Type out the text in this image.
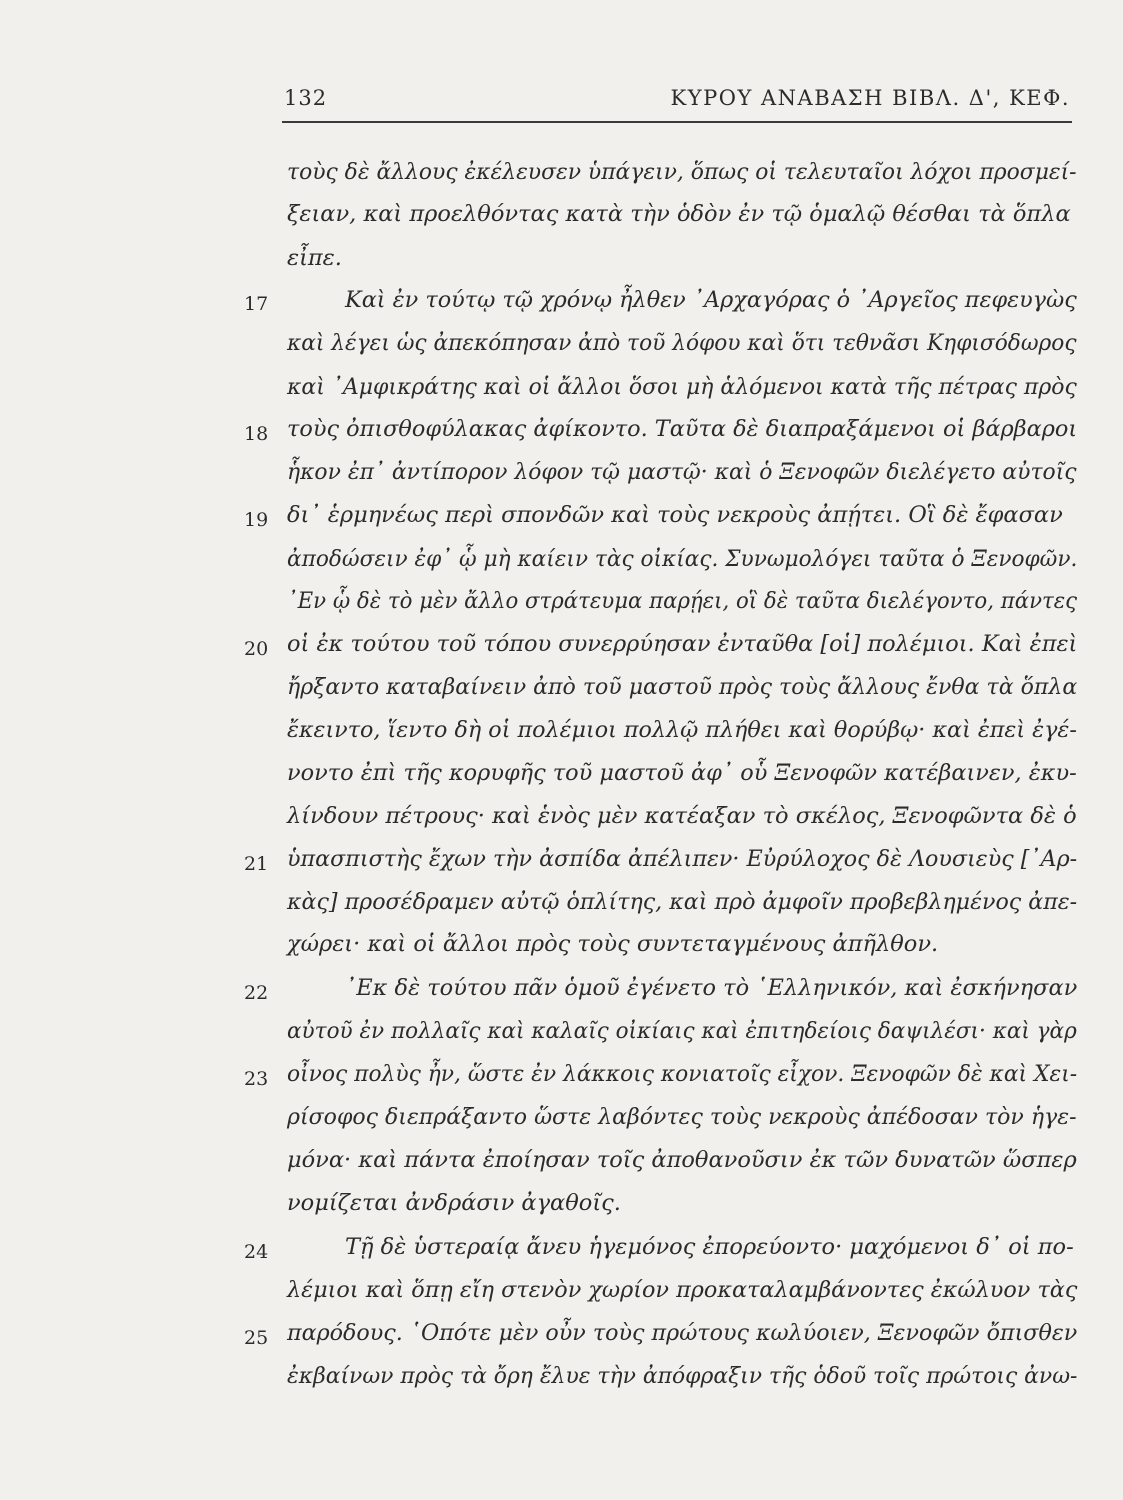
132	ΚΥΡΟΥ ΑΝΑΒΑΣΗ ΒΙΒΛ. Δ', ΚΕΦ.
τοὺς δὲ ἄλλους ἐκέλευσεν ὑπάγειν, ὅπως οἱ τελευταῖοι λόχοι προσμεί-
ξειαν, καὶ προελθόντας κατὰ τὴν ὁδὸν ἐν τῷ ὁμαλῷ θέσθαι τὰ ὅπλα
εἶπε.
17	Καὶ ἐν τούτῳ τῷ χρόνῳ ἦλθεν ᾿Αρχαγόρας ὁ ᾿Αργεῖος πεφευγὼς
καὶ λέγει ὡς ἀπεκόπησαν ἀπὸ τοῦ λόφου καὶ ὅτι τεθνᾶσι Κηφισόδωρος
καὶ ᾿Αμφικράτης καὶ οἱ ἄλλοι ὅσοι μὴ ἁλόμενοι κατὰ τῆς πέτρας πρὸς
18 τοὺς ὀπισθοφύλακας ἀφίκοντο. Ταῦτα δὲ διαπραξάμενοι οἱ βάρβαροι
ἧκον ἐπ᾿ ἀντίπορον λόφον τῷ μαστῷ· καὶ ὁ Ξενοφῶν διελέγετο αὐτοῖς
19 δι᾿ ἑρμηνέως περὶ σπονδῶν καὶ τοὺς νεκροὺς ἀπῄτει. Οἳ δὲ ἔφασαν
ἀποδώσειν ἐφ᾿ ᾧ μὴ καίειν τὰς οἰκίας. Συνωμολόγει ταῦτα ὁ Ξενοφῶν.
᾿Εν ᾧ δὲ τὸ μὲν ἄλλο στράτευμα παρῄει, οἳ δὲ ταῦτα διελέγοντο, πάντες
20 οἱ ἐκ τούτου τοῦ τόπου συνερρύησαν ἐνταῦθα [οἱ] πολέμιοι. Καὶ ἐπεὶ
ἤρξαντο καταβαίνειν ἀπὸ τοῦ μαστοῦ πρὸς τοὺς ἄλλους ἔνθα τὰ ὅπλα
ἔκειντο, ἵεντο δὴ οἱ πολέμιοι πολλῷ πλήθει καὶ θορύβῳ· καὶ ἐπεὶ ἐγέ-
νοντο ἐπὶ τῆς κορυφῆς τοῦ μαστοῦ ἀφ᾿ οὗ Ξενοφῶν κατέβαινεν, ἐκυ-
λίνδουν πέτρους· καὶ ἑνὸς μὲν κατέαξαν τὸ σκέλος, Ξενοφῶντα δὲ ὁ
21 ὑπασπιστὴς ἔχων τὴν ἀσπίδα ἀπέλιπεν· Εὐρύλοχος δὲ Λουσιεὺς [᾿Αρ-
κὰς] προσέδραμεν αὐτῷ ὁπλίτης, καὶ πρὸ ἀμφοῖν προβεβλημένος ἀπε-
χώρει· καὶ οἱ ἄλλοι πρὸς τοὺς συντεταγμένους ἀπῆλθον.
22	᾿Εκ δὲ τούτου πᾶν ὁμοῦ ἐγένετο τὸ ῾Ελληνικόν, καὶ ἐσκήνησαν
αὐτοῦ ἐν πολλαῖς καὶ καλαῖς οἰκίαις καὶ ἐπιτηδείοις δαψιλέσι· καὶ γὰρ
23 οἶνος πολὺς ἦν, ὥστε ἐν λάκκοις κονιατοῖς εἶχον. Ξενοφῶν δὲ καὶ Χει-
ρίσοφος διεπράξαντο ὥστε λαβόντες τοὺς νεκροὺς ἀπέδοσαν τὸν ἡγε-
μόνα· καὶ πάντα ἐποίησαν τοῖς ἀποθανοῦσιν ἐκ τῶν δυνατῶν ὥσπερ
νομίζεται ἀνδράσιν ἀγαθοῖς.
24	Τῇ δὲ ὑστεραίᾳ ἄνευ ἡγεμόνος ἐπορεύοντο· μαχόμενοι δ᾿ οἱ πο-
λέμιοι καὶ ὅπῃ εἴη στενὸν χωρίον προκαταλαμβάνοντες ἐκώλυον τὰς
25 παρόδους. ῾Οπότε μὲν οὖν τοὺς πρώτους κωλύοιεν, Ξενοφῶν ὄπισθεν
ἐκβαίνων πρὸς τὰ ὄρη ἔλυε τὴν ἀπόφραξιν τῆς ὁδοῦ τοῖς πρώτοις ἀνω-
